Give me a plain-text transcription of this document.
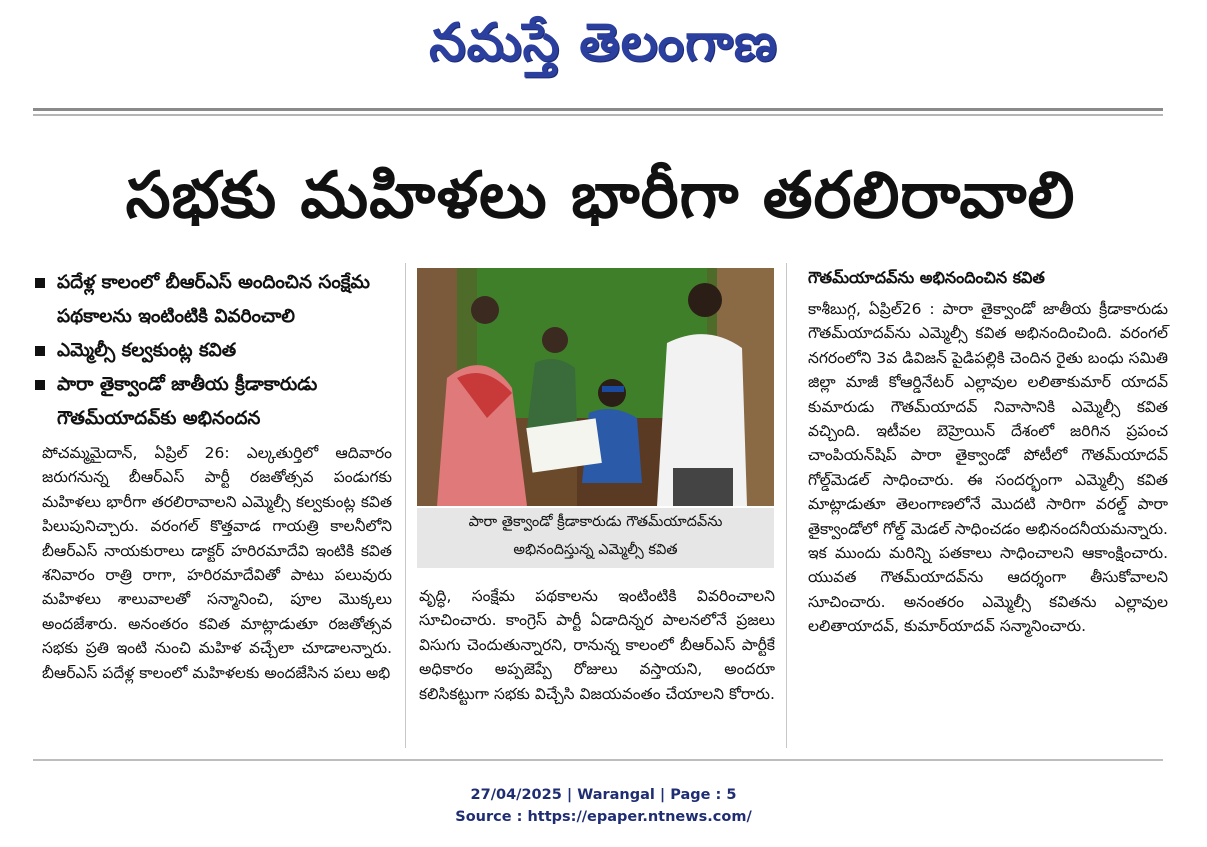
నమస్తే తెలంగాణ
సభకు మహిళలు భారీగా తరలిరావాలి
పదేళ్ల కాలంలో బీఆర్ఎస్ అందించిన సంక్షేమ పథకాలను ఇంటింటికి వివరించాలి
ఎమ్మెల్సీ కల్వకుంట్ల కవిత
పారా తైక్వాండో జాతీయ క్రీడాకారుడు గౌతమ్‌యాదవ్‌కు అభినందన
పోచమ్మమైదాన్, ఏప్రిల్ 26: ఎల్కతుర్తిలో ఆదివారం జరుగనున్న బీఆర్ఎస్ పార్టీ రజతోత్సవ పండుగకు మహిళలు భారీగా తరలిరావాలని ఎమ్మెల్సీ కల్వకుంట్ల కవిత పిలుపునిచ్చారు. వరంగల్ కొత్తవాడ గాయత్రి కాలనీలోని బీఆర్ఎస్ నాయకురాలు డాక్టర్ హరిరమాదేవి ఇంటికి కవిత శనివారం రాత్రి రాగా, హరిరమాదేవితో పాటు పలువురు మహిళలు శాలువాలతో సన్మానించి, పూల మొక్కలు అందజేశారు. అనంతరం కవిత మాట్లాడుతూ రజతోత్సవ సభకు ప్రతి ఇంటి నుంచి మహిళ వచ్చేలా చూడాలన్నారు. బీఆర్ఎస్ పదేళ్ల కాలంలో మహిళలకు అందజేసిన పలు అభి
పారా తైక్వాండో క్రీడాకారుడు గౌతమ్‌యాదవ్‌ను
అభినందిస్తున్న ఎమ్మెల్సీ కవిత
వృద్ధి, సంక్షేమ పథకాలను ఇంటింటికి వివరించాలని సూచించారు. కాంగ్రెస్ పార్టీ ఏడాదిన్నర పాలనలోనే ప్రజలు విసుగు చెందుతున్నారని, రానున్న కాలంలో బీఆర్ఎస్ పార్టీకే అధికారం అప్పజెప్పే రోజులు వస్తాయని, అందరూ కలిసికట్టుగా సభకు విచ్చేసి విజయవంతం చేయాలని కోరారు.
గౌతమ్‌యాదవ్‌ను అభినందించిన కవిత
కాశీబుగ్గ, ఏప్రిల్26 : పారా తైక్వాండో జాతీయ క్రీడాకారుడు గౌతమ్‌యాదవ్‌ను ఎమ్మెల్సీ కవిత అభినందించింది. వరంగల్ నగరంలోని 3వ డివిజన్ పైడిపల్లికి చెందిన రైతు బంధు సమితి జిల్లా మాజీ కోఆర్డినేటర్ ఎల్లావుల లలితాకుమార్ యాదవ్ కుమారుడు గౌతమ్‌యాదవ్ నివాసానికి ఎమ్మెల్సీ కవిత వచ్చింది. ఇటీవల బెహ్రెయిన్ దేశంలో జరిగిన ప్రపంచ చాంపియన్‌షిప్ పారా తైక్వాండో పోటీలో గౌతమ్‌యాదవ్ గోల్డ్‌మెడల్ సాధించారు. ఈ సందర్భంగా ఎమ్మెల్సీ కవిత మాట్లాడుతూ తెలంగాణలోనే మొదటి సారిగా వరల్డ్ పారా తైక్వాండోలో గోల్డ్ మెడల్ సాధించడం అభినందనీయమన్నారు. ఇక ముందు మరిన్ని పతకాలు సాధించాలని ఆకాంక్షించారు. యువత గౌతమ్‌యాదవ్‌ను ఆదర్శంగా తీసుకోవాలని సూచించారు. అనంతరం ఎమ్మెల్సీ కవితను ఎల్లావుల లలితాయాదవ్, కుమార్‌యాదవ్ సన్మానించారు.
27/04/2025 | Warangal | Page : 5
Source : https://epaper.ntnews.com/
